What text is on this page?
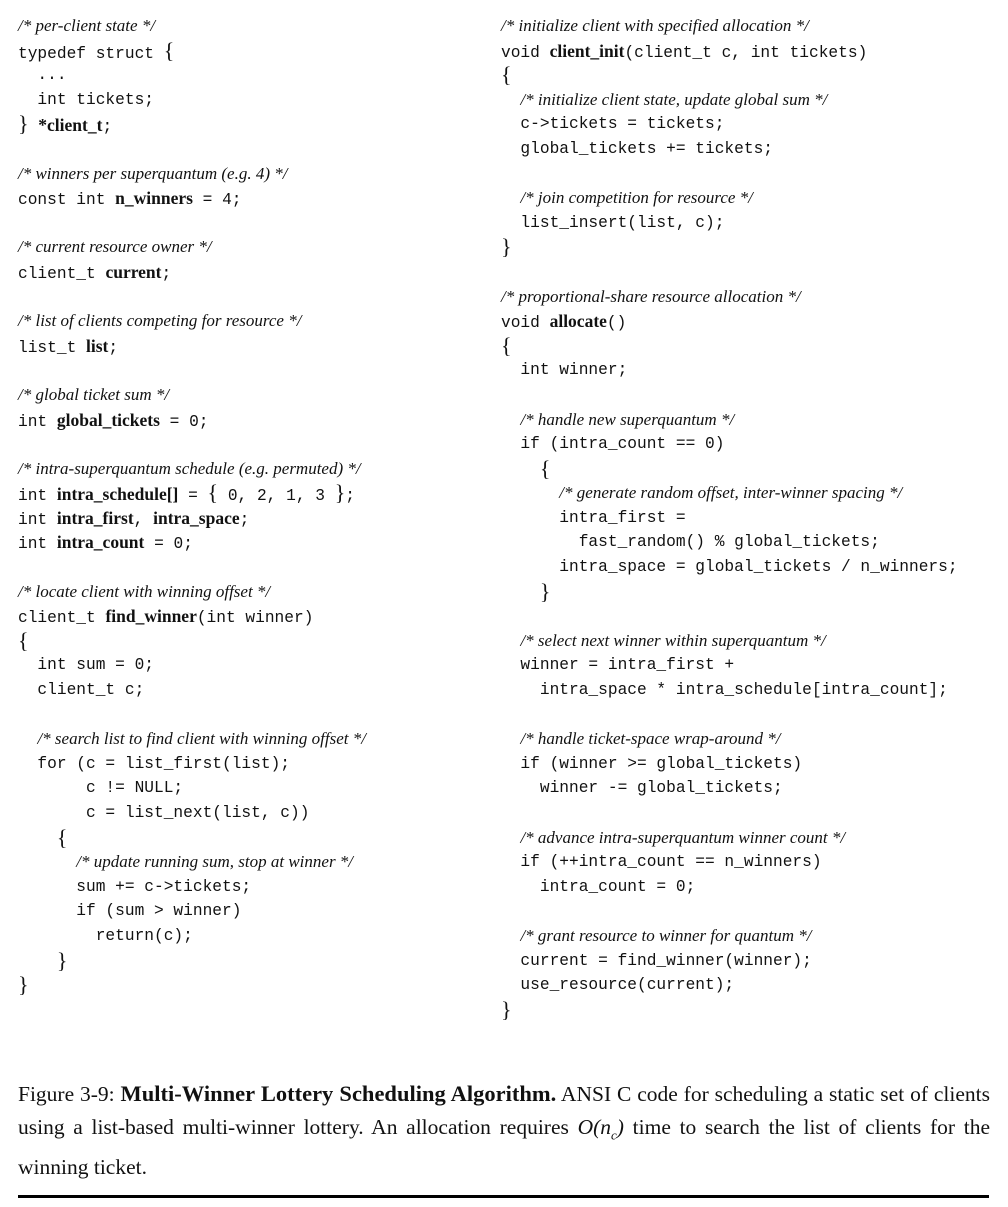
/* per-client state */
typedef struct {
...
int tickets;
} *client_t;

/* winners per superquantum (e.g. 4) */
const int n_winners = 4;

/* current resource owner */
client_t current;

/* list of clients competing for resource */
list_t list;

/* global ticket sum */
int global_tickets = 0;

/* intra-superquantum schedule (e.g. permuted) */
int intra_schedule[] = { 0, 2, 1, 3 };
int intra_first, intra_space;
int intra_count = 0;

/* locate client with winning offset */
client_t find_winner(int winner)
{
int sum = 0;
client_t c;

/* search list to find client with winning offset */
for (c = list_first(list);
c != NULL;
c = list_next(list, c))
{
/* update running sum, stop at winner */
sum += c->tickets;
if (sum > winner)
return(c);
}
}
/* initialize client with specified allocation */
void client_init(client_t c, int tickets)
{
/* initialize client state, update global sum */
c->tickets = tickets;
global_tickets += tickets;

/* join competition for resource */
list_insert(list, c);
}

/* proportional-share resource allocation */
void allocate()
{
int winner;

/* handle new superquantum */
if (intra_count == 0)
{
/* generate random offset, inter-winner spacing */
intra_first =
fast_random() % global_tickets;
intra_space = global_tickets / n_winners;
}

/* select next winner within superquantum */
winner = intra_first +
intra_space * intra_schedule[intra_count];

/* handle ticket-space wrap-around */
if (winner >= global_tickets)
winner -= global_tickets;

/* advance intra-superquantum winner count */
if (++intra_count == n_winners)
intra_count = 0;

/* grant resource to winner for quantum */
current = find_winner(winner);
use_resource(current);
}
Figure 3-9: Multi-Winner Lottery Scheduling Algorithm. ANSI C code for scheduling a static set of clients using a list-based multi-winner lottery. An allocation requires $O(n_c)$ time to search the list of clients for the winning ticket.
